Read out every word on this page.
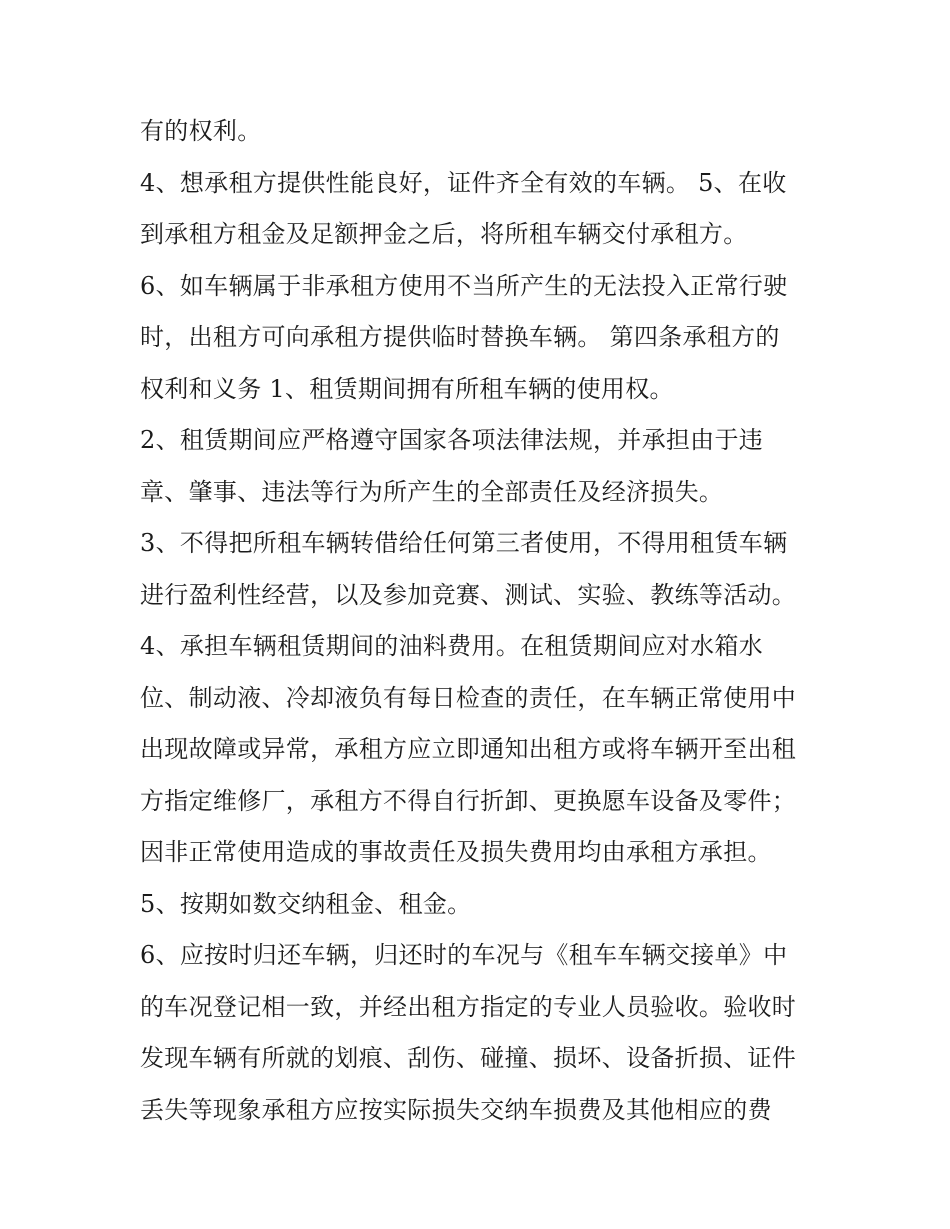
有的权利。
4、想承租方提供性能良好，证件齐全有效的车辆。 5、在收
到承租方租金及足额押金之后，将所租车辆交付承租方。
6、如车辆属于非承租方使用不当所产生的无法投入正常行驶
时，出租方可向承租方提供临时替换车辆。 第四条承租方的
权利和义务 1、租赁期间拥有所租车辆的使用权。
2、租赁期间应严格遵守国家各项法律法规，并承担由于违
章、肇事、违法等行为所产生的全部责任及经济损失。
3、不得把所租车辆转借给任何第三者使用，不得用租赁车辆
进行盈利性经营，以及参加竞赛、测试、实验、教练等活动。
4、承担车辆租赁期间的油料费用。在租赁期间应对水箱水
位、制动液、冷却液负有每日检查的责任，在车辆正常使用中
出现故障或异常，承租方应立即通知出租方或将车辆开至出租
方指定维修厂，承租方不得自行折卸、更换愿车设备及零件；
因非正常使用造成的事故责任及损失费用均由承租方承担。
5、按期如数交纳租金、租金。
6、应按时归还车辆，归还时的车况与《租车车辆交接单》中
的车况登记相一致，并经出租方指定的专业人员验收。验收时
发现车辆有所就的划痕、刮伤、碰撞、损坏、设备折损、证件
丢失等现象承租方应按实际损失交纳车损费及其他相应的费
